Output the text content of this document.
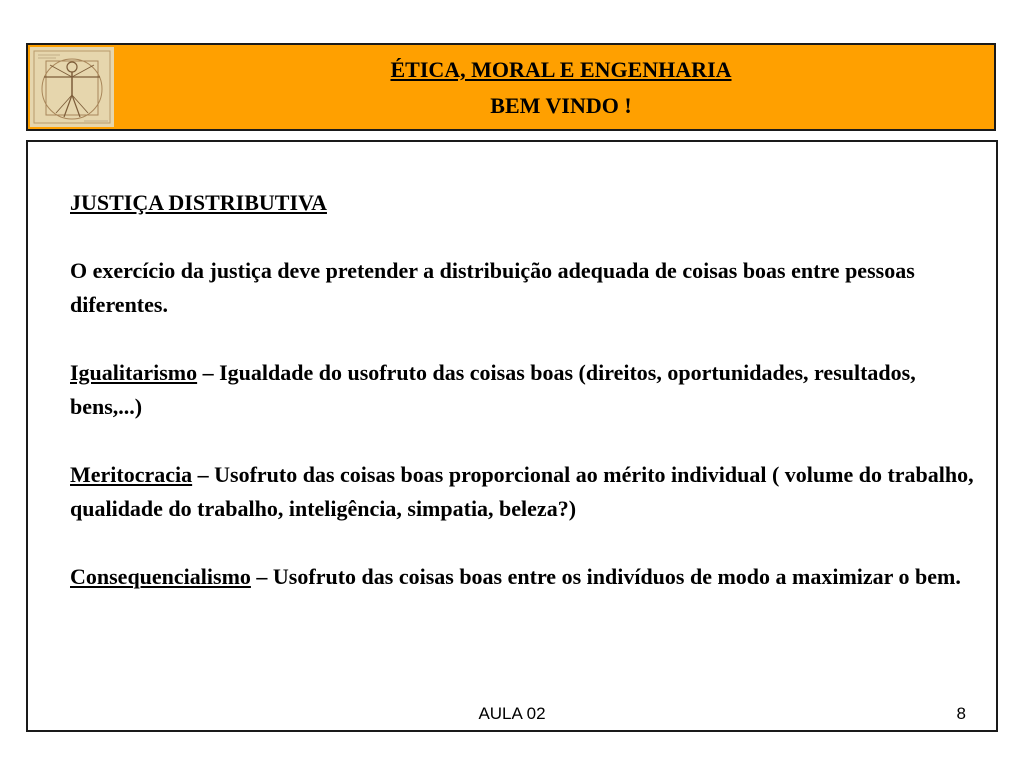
ÉTICA, MORAL E ENGENHARIA
BEM VINDO !

JUSTIÇA DISTRIBUTIVA

O exercício da justiça deve pretender a distribuição adequada de coisas boas entre pessoas diferentes.

Igualitarismo – Igualdade do usofruto das coisas boas (direitos, oportunidades, resultados, bens,...)

Meritocracia – Usofruto das coisas boas proporcional ao mérito individual ( volume do trabalho, qualidade do trabalho, inteligência, simpatia, beleza?)

Consequencialismo – Usofruto das coisas boas entre os indivíduos de modo a maximizar o bem.

AULA 02	8
